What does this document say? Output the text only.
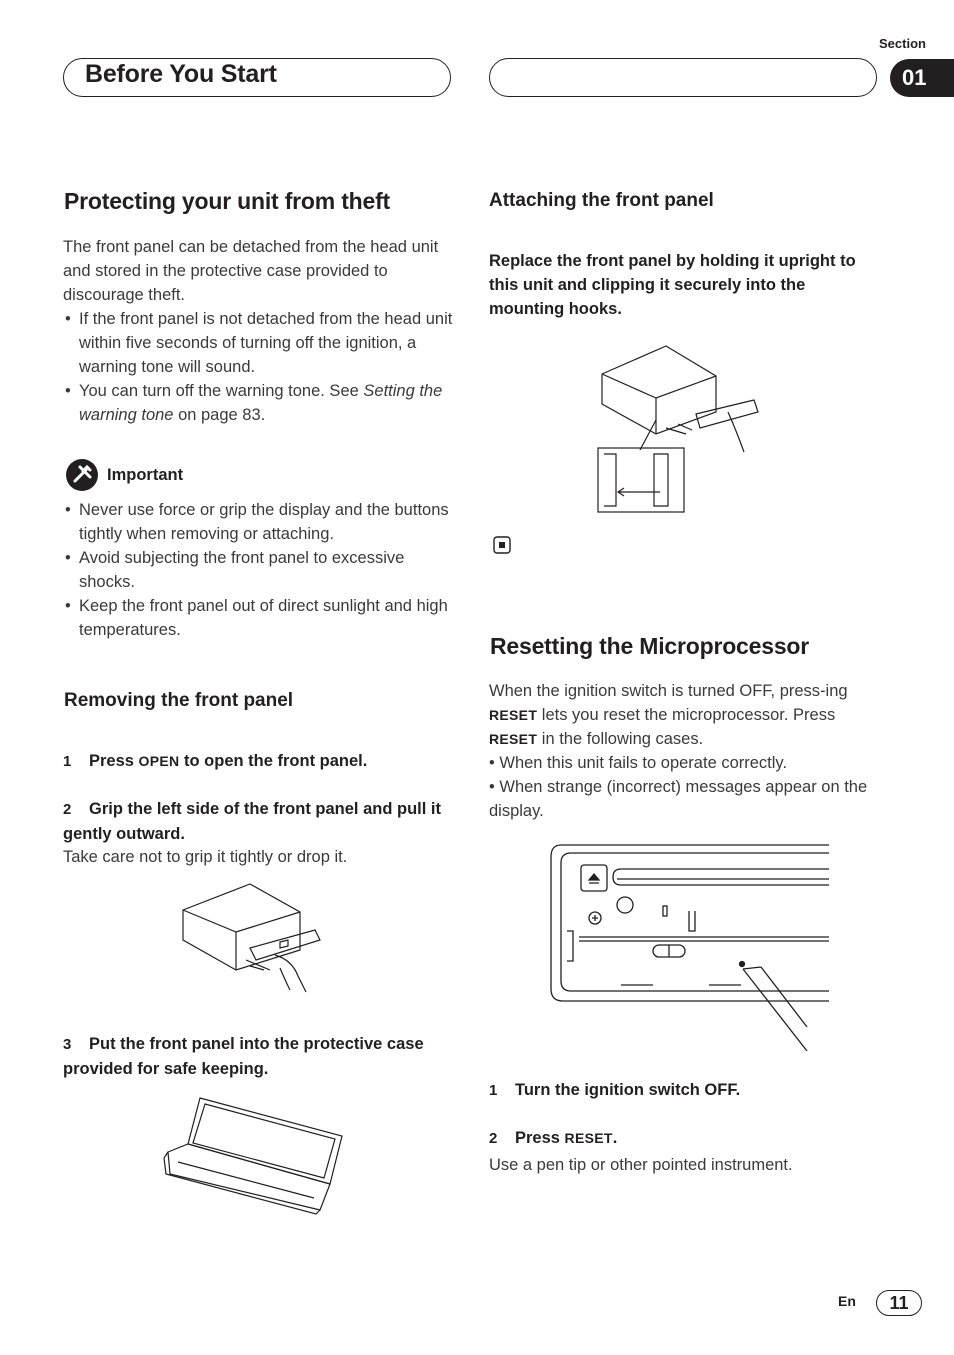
Before You Start
Section
01
Protecting your unit from theft
The front panel can be detached from the head unit and stored in the protective case provided to discourage theft.
• If the front panel is not detached from the head unit within five seconds of turning off the ignition, a warning tone will sound.
• You can turn off the warning tone. See Setting the warning tone on page 83.
Important
• Never use force or grip the display and the buttons tightly when removing or attaching.
• Avoid subjecting the front panel to excessive shocks.
• Keep the front panel out of direct sunlight and high temperatures.
Removing the front panel
1 Press OPEN to open the front panel.
2 Grip the left side of the front panel and pull it gently outward.
Take care not to grip it tightly or drop it.
3 Put the front panel into the protective case provided for safe keeping.
Attaching the front panel
Replace the front panel by holding it upright to this unit and clipping it securely into the mounting hooks.
Resetting the Microprocessor
When the ignition switch is turned OFF, press-ing RESET lets you reset the microprocessor. Press RESET in the following cases.
• When this unit fails to operate correctly.
• When strange (incorrect) messages appear on the display.
1 Turn the ignition switch OFF.
2 Press RESET.
Use a pen tip or other pointed instrument.
En	11
